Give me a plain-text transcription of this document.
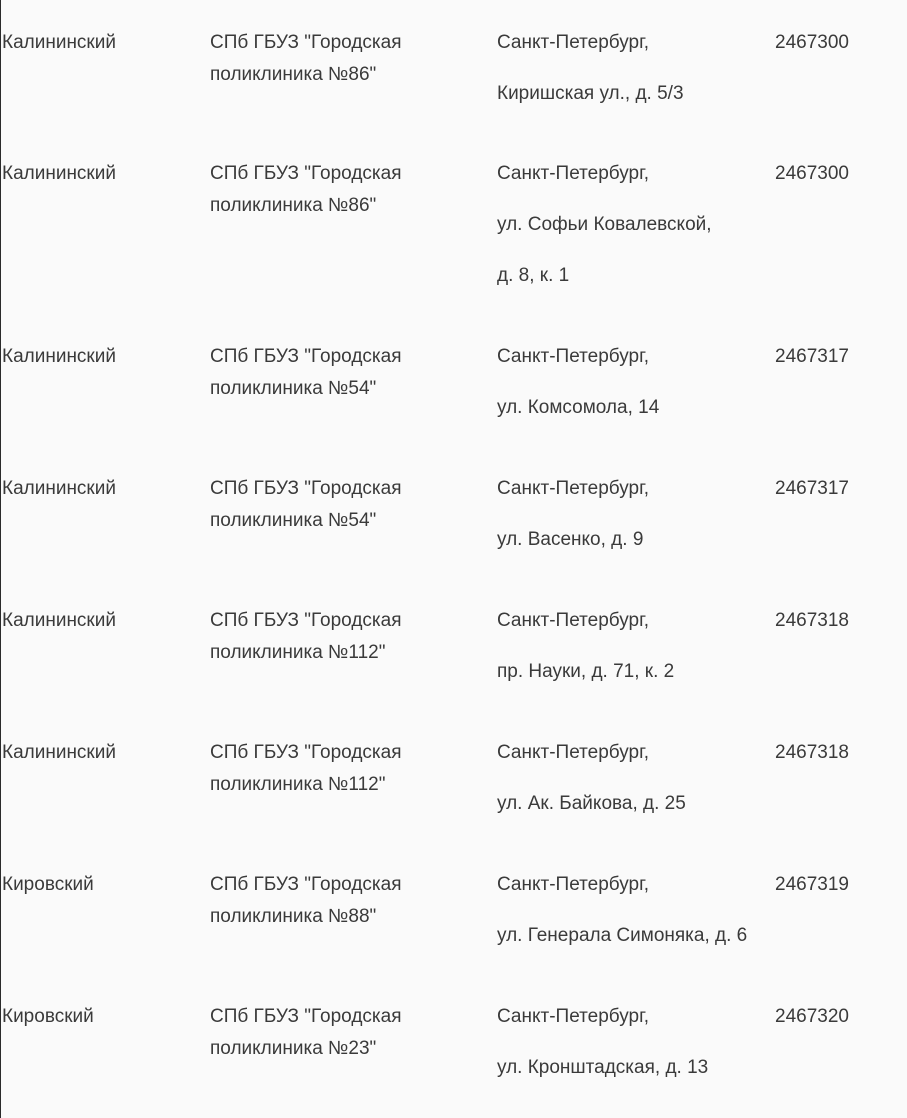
Калининский	СПб ГБУЗ "Городская
поликлиника №86"
Санкт-Петербург,
Киришская ул., д. 5/3
2467300
Калининский	СПб ГБУЗ "Городская
поликлиника №86"
Санкт-Петербург,
ул. Софьи Ковалевской,
д. 8, к. 1
2467300
Калининский	СПб ГБУЗ "Городская
поликлиника №54"
Санкт-Петербург,
ул. Комсомола, 14
2467317
Калининский	СПб ГБУЗ "Городская
поликлиника №54"
Санкт-Петербург,
ул. Васенко, д. 9
2467317
Калининский	СПб ГБУЗ "Городская
поликлиника №112"
Санкт-Петербург,
пр. Науки, д. 71, к. 2
2467318
Калининский	СПб ГБУЗ "Городская
поликлиника №112"
Санкт-Петербург,
ул. Ак. Байкова, д. 25
2467318
Кировский	СПб ГБУЗ "Городская
поликлиника №88"
Санкт-Петербург,
ул. Генерала Симоняка, д. 6
2467319
Кировский	СПб ГБУЗ "Городская
поликлиника №23"
Санкт-Петербург,
ул. Кронштадская, д. 13
2467320
